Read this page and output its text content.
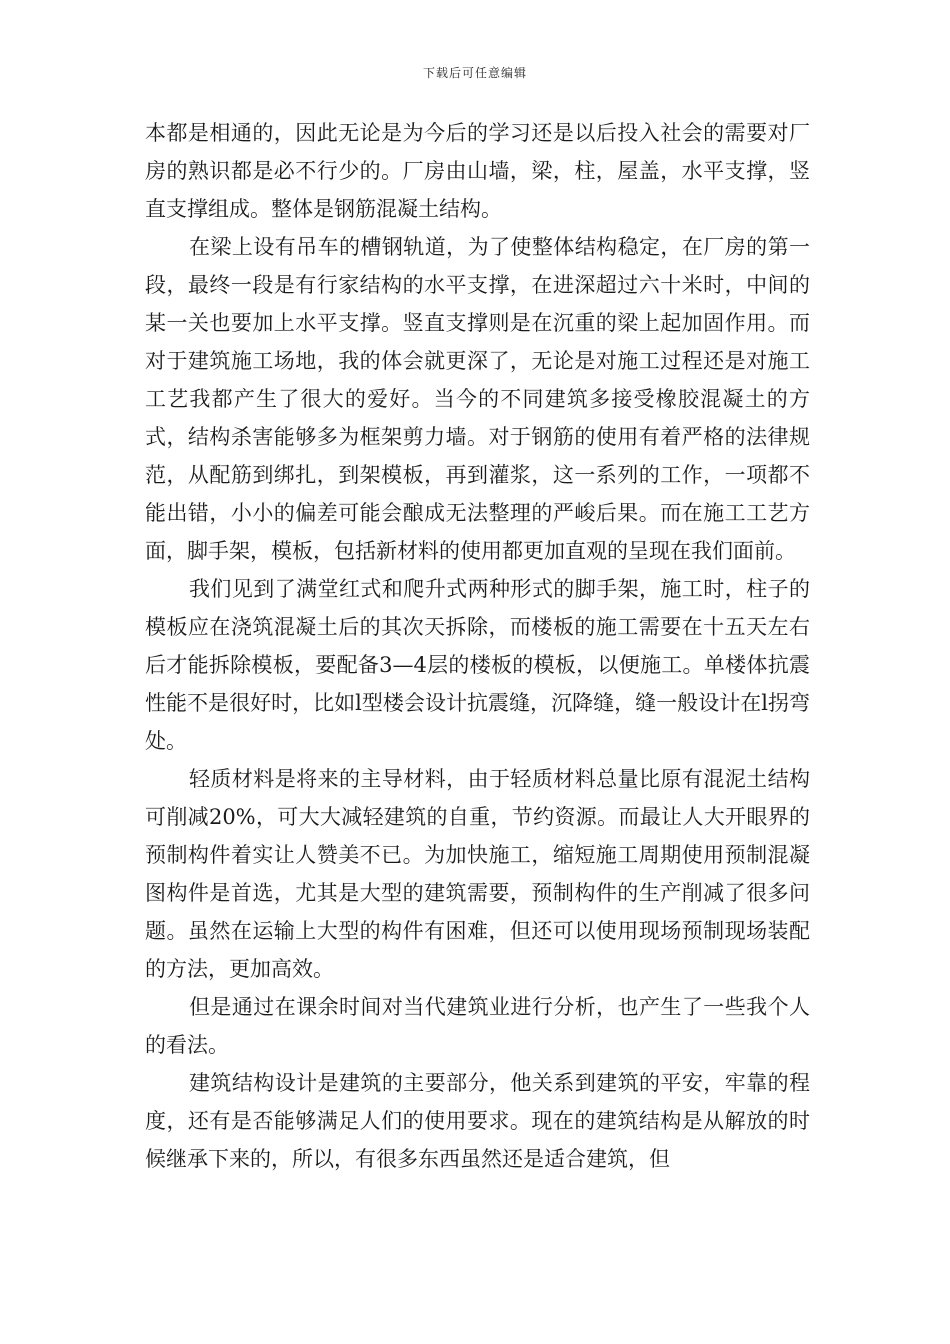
下载后可任意编辑

本都是相通的，因此无论是为今后的学习还是以后投入社会的需要对厂房的熟识都是必不行少的。厂房由山墙，梁，柱，屋盖，水平支撑，竖直支撑组成。整体是钢筋混凝土结构。

在梁上设有吊车的槽钢轨道，为了使整体结构稳定，在厂房的第一段，最终一段是有行家结构的水平支撑，在进深超过六十米时，中间的某一关也要加上水平支撑。竖直支撑则是在沉重的梁上起加固作用。而对于建筑施工场地，我的体会就更深了，无论是对施工过程还是对施工工艺我都产生了很大的爱好。当今的不同建筑多接受橡胶混凝土的方式，结构杀害能够多为框架剪力墙。对于钢筋的使用有着严格的法律规范，从配筋到绑扎，到架模板，再到灌浆，这一系列的工作，一项都不能出错，小小的偏差可能会酿成无法整理的严峻后果。而在施工工艺方面，脚手架，模板，包括新材料的使用都更加直观的呈现在我们面前。

我们见到了满堂红式和爬升式两种形式的脚手架，施工时，柱子的模板应在浇筑混凝土后的其次天拆除，而楼板的施工需要在十五天左右后才能拆除模板，要配备3—4层的楼板的模板，以便施工。单楼体抗震性能不是很好时，比如l型楼会设计抗震缝，沉降缝，缝一般设计在l拐弯处。

轻质材料是将来的主导材料，由于轻质材料总量比原有混泥土结构可削减20%，可大大减轻建筑的自重，节约资源。而最让人大开眼界的预制构件着实让人赞美不已。为加快施工，缩短施工周期使用预制混凝图构件是首选，尤其是大型的建筑需要，预制构件的生产削减了很多问题。虽然在运输上大型的构件有困难，但还可以使用现场预制现场装配的方法，更加高效。

但是通过在课余时间对当代建筑业进行分析，也产生了一些我个人的看法。

建筑结构设计是建筑的主要部分，他关系到建筑的平安，牢靠的程度，还有是否能够满足人们的使用要求。现在的建筑结构是从解放的时候继承下来的，所以，有很多东西虽然还是适合建筑，但
